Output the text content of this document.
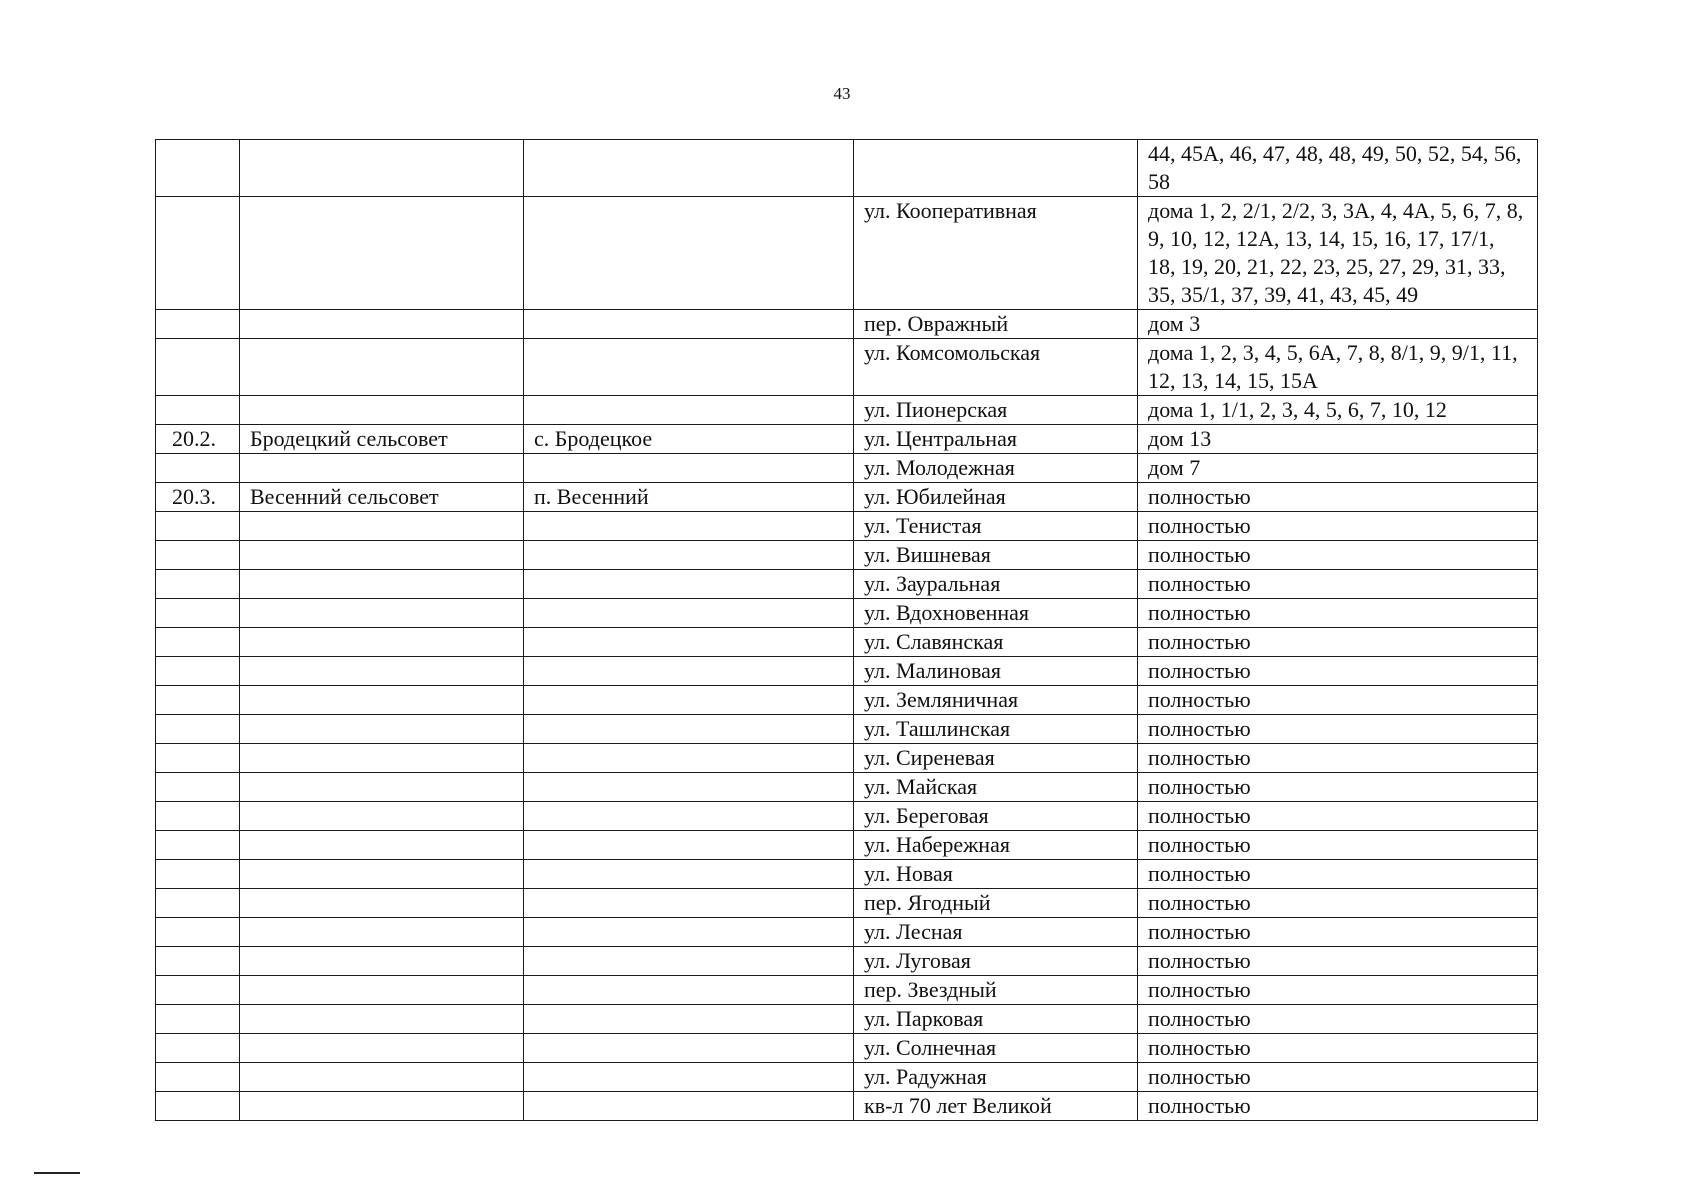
43
				44, 45А, 46, 47, 48, 48, 49, 50, 52, 54, 56, 58
			ул. Кооперативная	дома 1, 2, 2/1, 2/2, 3, 3А, 4, 4А, 5, 6, 7, 8, 9, 10, 12, 12А, 13, 14, 15, 16, 17, 17/1, 18, 19, 20, 21, 22, 23, 25, 27, 29, 31, 33, 35, 35/1, 37, 39, 41, 43, 45, 49
			пер. Овражный	дом 3
			ул. Комсомольская	дома 1, 2, 3, 4, 5, 6А, 7, 8, 8/1, 9, 9/1, 11, 12, 13, 14, 15, 15А
			ул. Пионерская	дома 1, 1/1, 2, 3, 4, 5, 6, 7, 10, 12
20.2.	Бродецкий сельсовет	с. Бродецкое	ул. Центральная	дом 13
			ул. Молодежная	дом 7
20.3.	Весенний сельсовет	п. Весенний	ул. Юбилейная	полностью
			ул. Тенистая	полностью
			ул. Вишневая	полностью
			ул. Зауральная	полностью
			ул. Вдохновенная	полностью
			ул. Славянская	полностью
			ул. Малиновая	полностью
			ул. Земляничная	полностью
			ул. Ташлинская	полностью
			ул. Сиреневая	полностью
			ул. Майская	полностью
			ул. Береговая	полностью
			ул. Набережная	полностью
			ул. Новая	полностью
			пер. Ягодный	полностью
			ул. Лесная	полностью
			ул. Луговая	полностью
			пер. Звездный	полностью
			ул. Парковая	полностью
			ул. Солнечная	полностью
			ул. Радужная	полностью
			кв-л 70 лет Великой	полностью
